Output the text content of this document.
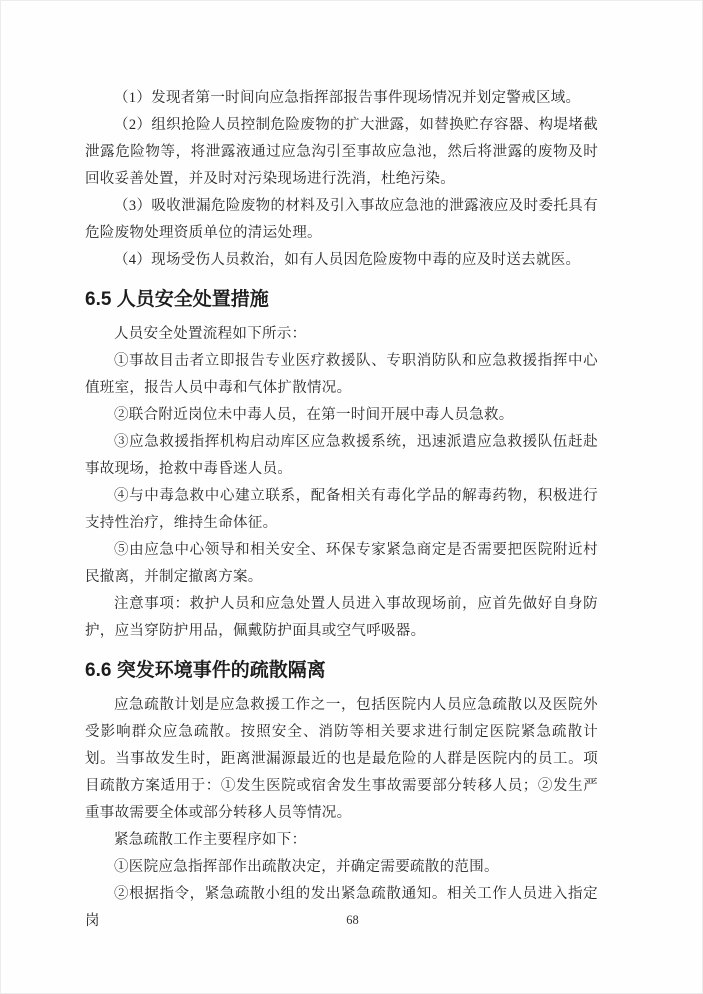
（1）发现者第一时间向应急指挥部报告事件现场情况并划定警戒区域。

（2）组织抢险人员控制危险废物的扩大泄露，如替换贮存容器、构堤堵截泄露危险物等，将泄露液通过应急沟引至事故应急池，然后将泄露的废物及时回收妥善处置，并及时对污染现场进行洗消，杜绝污染。

（3）吸收泄漏危险废物的材料及引入事故应急池的泄露液应及时委托具有危险废物处理资质单位的清运处理。

（4）现场受伤人员救治，如有人员因危险废物中毒的应及时送去就医。

6.5 人员安全处置措施

人员安全处置流程如下所示：

①事故目击者立即报告专业医疗救援队、专职消防队和应急救援指挥中心值班室，报告人员中毒和气体扩散情况。

②联合附近岗位未中毒人员，在第一时间开展中毒人员急救。

③应急救援指挥机构启动库区应急救援系统，迅速派遣应急救援队伍赶赴事故现场，抢救中毒昏迷人员。

④与中毒急救中心建立联系，配备相关有毒化学品的解毒药物，积极进行支持性治疗，维持生命体征。

⑤由应急中心领导和相关安全、环保专家紧急商定是否需要把医院附近村民撤离，并制定撤离方案。

注意事项：救护人员和应急处置人员进入事故现场前，应首先做好自身防护，应当穿防护用品，佩戴防护面具或空气呼吸器。

6.6 突发环境事件的疏散隔离

应急疏散计划是应急救援工作之一，包括医院内人员应急疏散以及医院外受影响群众应急疏散。按照安全、消防等相关要求进行制定医院紧急疏散计划。当事故发生时，距离泄漏源最近的也是最危险的人群是医院内的员工。项目疏散方案适用于：①发生医院或宿舍发生事故需要部分转移人员；②发生严重事故需要全体或部分转移人员等情况。

紧急疏散工作主要程序如下：

①医院应急指挥部作出疏散决定，并确定需要疏散的范围。

②根据指令，紧急疏散小组的发出紧急疏散通知。相关工作人员进入指定岗	68
